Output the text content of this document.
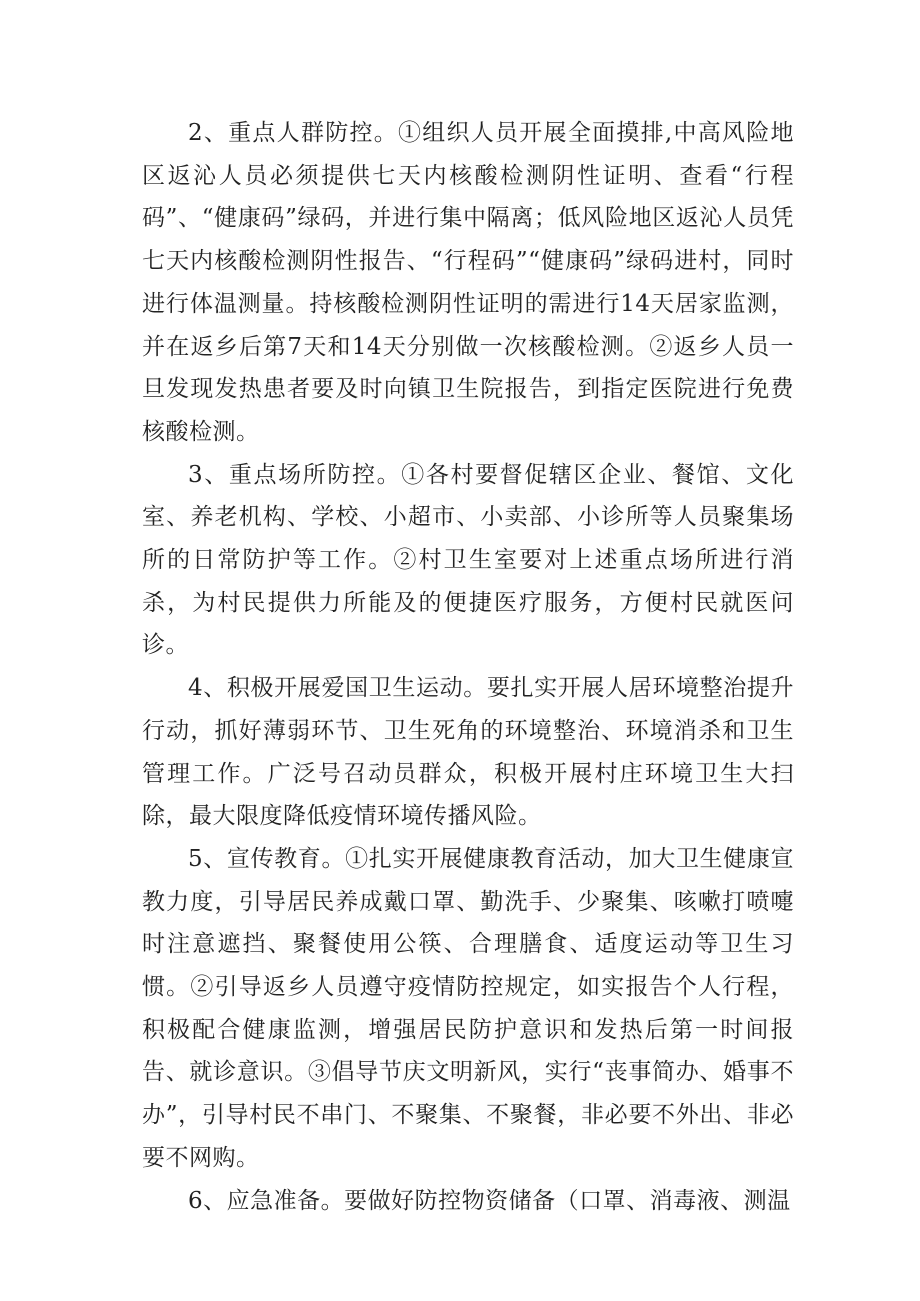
2、重点人群防控。①组织人员开展全面摸排,中高风险地区返沁人员必须提供七天内核酸检测阴性证明、查看“行程码”、“健康码”绿码，并进行集中隔离；低风险地区返沁人员凭七天内核酸检测阴性报告、“行程码”“健康码”绿码进村，同时进行体温测量。持核酸检测阴性证明的需进行14天居家监测，并在返乡后第7天和14天分别做一次核酸检测。②返乡人员一旦发现发热患者要及时向镇卫生院报告，到指定医院进行免费核酸检测。

3、重点场所防控。①各村要督促辖区企业、餐馆、文化室、养老机构、学校、小超市、小卖部、小诊所等人员聚集场所的日常防护等工作。②村卫生室要对上述重点场所进行消杀，为村民提供力所能及的便捷医疗服务，方便村民就医问诊。

4、积极开展爱国卫生运动。要扎实开展人居环境整治提升行动，抓好薄弱环节、卫生死角的环境整治、环境消杀和卫生管理工作。广泛号召动员群众，积极开展村庄环境卫生大扫除，最大限度降低疫情环境传播风险。

5、宣传教育。①扎实开展健康教育活动，加大卫生健康宣教力度，引导居民养成戴口罩、勤洗手、少聚集、咳嗽打喷嚏时注意遮挡、聚餐使用公筷、合理膳食、适度运动等卫生习惯。②引导返乡人员遵守疫情防控规定，如实报告个人行程，积极配合健康监测，增强居民防护意识和发热后第一时间报告、就诊意识。③倡导节庆文明新风，实行“丧事简办、婚事不办”，引导村民不串门、不聚集、不聚餐，非必要不外出、非必要不网购。

6、应急准备。要做好防控物资储备（口罩、消毒液、测温
